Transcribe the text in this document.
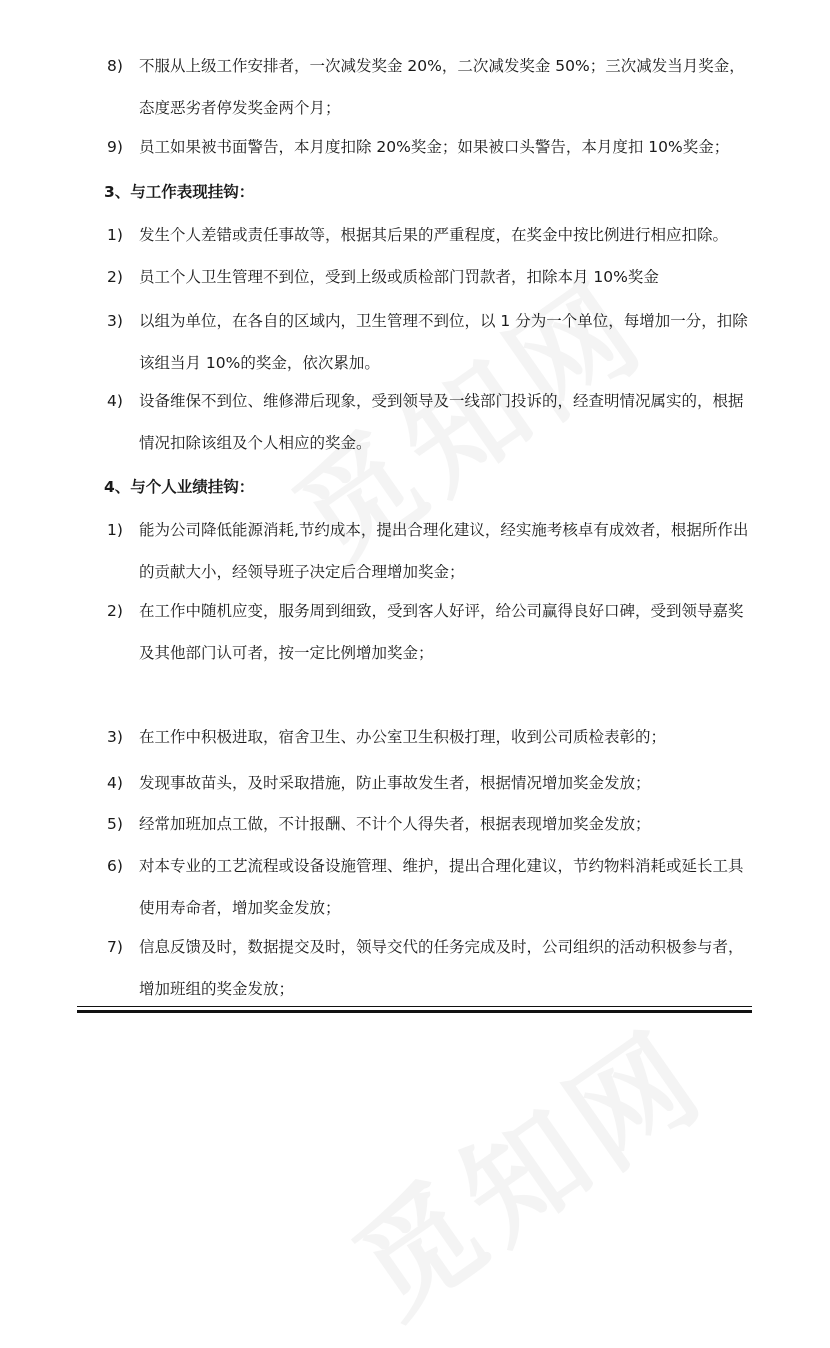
8)	不服从上级工作安排者，一次减发奖金 20%，二次减发奖金 50%；三次减发当月奖金，态度恶劣者停发奖金两个月；
9)	员工如果被书面警告，本月度扣除 20%奖金；如果被口头警告，本月度扣 10%奖金；
3、与工作表现挂钩：
1)	发生个人差错或责任事故等，根据其后果的严重程度，在奖金中按比例进行相应扣除。
2)	员工个人卫生管理不到位，受到上级或质检部门罚款者，扣除本月 10%奖金
3)	以组为单位，在各自的区域内，卫生管理不到位，以 1 分为一个单位，每增加一分，扣除该组当月 10%的奖金，依次累加。
4)	设备维保不到位、维修滞后现象，受到领导及一线部门投诉的，经查明情况属实的，根据情况扣除该组及个人相应的奖金。
4、与个人业绩挂钩：
1)	能为公司降低能源消耗,节约成本，提出合理化建议，经实施考核卓有成效者，根据所作出的贡献大小，经领导班子决定后合理增加奖金；
2)	在工作中随机应变，服务周到细致，受到客人好评，给公司赢得良好口碑，受到领导嘉奖及其他部门认可者，按一定比例增加奖金；
3)	在工作中积极进取，宿舍卫生、办公室卫生积极打理，收到公司质检表彰的；
4)	发现事故苗头，及时采取措施，防止事故发生者，根据情况增加奖金发放；
5)	经常加班加点工做，不计报酬、不计个人得失者，根据表现增加奖金发放；
6)	对本专业的工艺流程或设备设施管理、维护，提出合理化建议，节约物料消耗或延长工具使用寿命者，增加奖金发放；
7)	信息反馈及时，数据提交及时，领导交代的任务完成及时，公司组织的活动积极参与者，增加班组的奖金发放；
